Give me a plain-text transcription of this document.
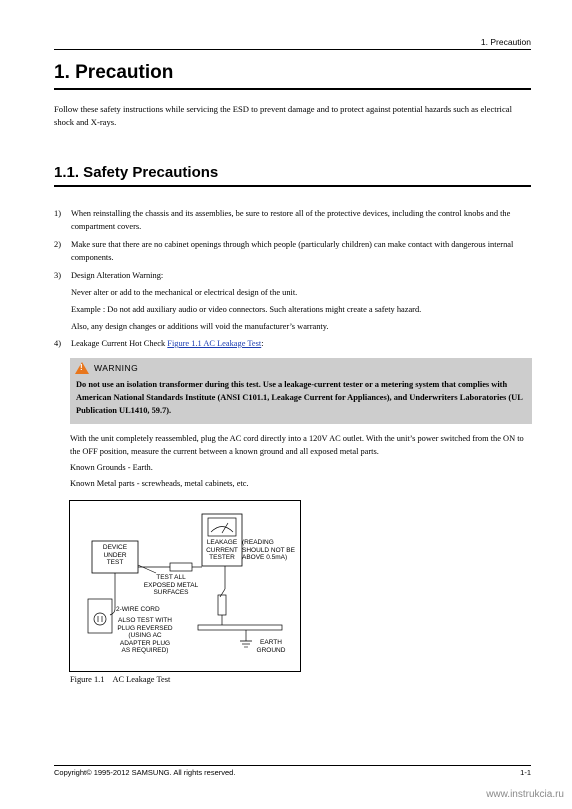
1. Precaution
1. Precaution
Follow these safety instructions while servicing the ESD to prevent damage and to protect against potential hazards such as electrical shock and X-rays.
1.1. Safety Precautions
1) When reinstalling the chassis and its assemblies, be sure to restore all of the protective devices, including the control knobs and the compartment covers.
2) Make sure that there are no cabinet openings through which people (particularly children) can make contact with dangerous internal components.
3) Design Alteration Warning:

Never alter or add to the mechanical or electrical design of the unit.

Example : Do not add auxiliary audio or video connectors. Such alterations might create a safety hazard.

Also, any design changes or additions will void the manufacturer’s warranty.

4) Leakage Current Hot Check Figure 1.1 AC Leakage Test:
! WARNING
Do not use an isolation transformer during this test. Use a leakage-current tester or a metering system that complies with American National Standards Institute (ANSI C101.1, Leakage Current for Appliances), and Underwriters Laboratories (UL Publication UL1410, 59.7).

With the unit completely reassembled, plug the AC cord directly into a 120V AC outlet. With the unit’s power switched from the ON to the OFF position, measure the current between a known ground and all exposed metal parts.

Known Grounds - Earth.

Known Metal parts - screwheads, metal cabinets, etc.

DEVICE
UNDER
TEST
LEAKAGE
CURRENT
TESTER
(READING
SHOULD NOT BE
ABOVE 0.5mA)
TEST ALL
EXPOSED METAL
SURFACES
2-WIRE CORD
ALSO TEST WITH
PLUG REVERSED
(USING AC
ADAPTER PLUG
AS REQUIRED)
EARTH
GROUND
Figure 1.1 AC Leakage Test
Copyright© 1995-2012 SAMSUNG. All rights reserved.	1-1
www.instrukcia.ru
